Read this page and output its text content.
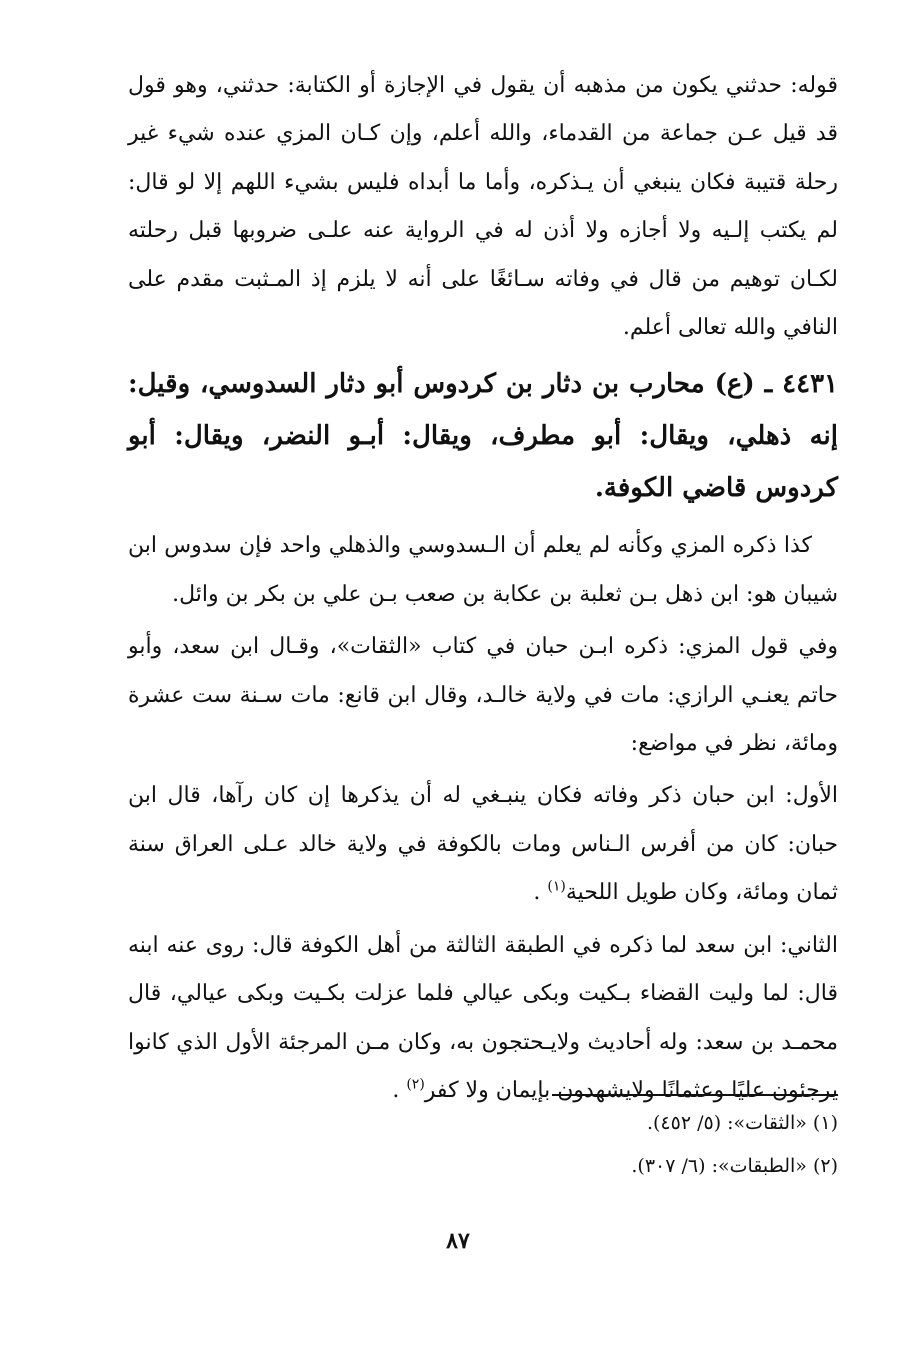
قوله: حدثني يكون من مذهبه أن يقول في الإجازة أو الكتابة: حدثني، وهو قول قد قيل عـن جماعة من القدماء، والله أعلم، وإن كـان المزي عنده شيء غير رحلة قتيبة فكان ينبغي أن يـذكره، وأما ما أبداه فليس بشيء اللهم إلا لو قال: لم يكتب إلـيه ولا أجازه ولا أذن له في الرواية عنه علـى ضروبها قبل رحلته لكـان توهيم من قال في وفاته سـائغًا على أنه لا يلزم إذ المـثبت مقدم على النافي والله تعالى أعلم.

٤٤٣١ ـ (ع) محارب بن دثار بن كردوس أبو دثار السدوسي، وقيل: إنه ذهلي، ويقال: أبو مطرف، ويقال: أبـو النضر، ويقال: أبو كردوس قاضي الكوفة.

كذا ذكره المزي وكأنه لم يعلم أن الـسدوسي والذهلي واحد فإن سدوس ابن شيبان هو: ابن ذهل بـن ثعلبة بن عكابة بن صعب بـن علي بن بكر بن وائل.

وفي قول المزي: ذكره ابـن حبان في كتاب «الثقات»، وقـال ابن سعد، وأبو حاتم يعنـي الرازي: مات في ولاية خالـد، وقال ابن قانع: مات سـنة ست عشرة ومائة، نظر في مواضع:

الأول: ابن حبان ذكر وفاته فكان ينبـغي له أن يذكرها إن كان رآها، قال ابن حبان: كان من أفرس الـناس ومات بالكوفة في ولاية خالد عـلى العراق سنة ثمان ومائة، وكان طويل اللحية$^{(١)}$ .

الثاني: ابن سعد لما ذكره في الطبقة الثالثة من أهل الكوفة قال: روى عنه ابنه قال: لما وليت القضاء بـكيت وبكى عيالي فلما عزلت بكـيت وبكى عيالي، قال محمـد بن سعد: وله أحاديث ولايـحتجون به، وكان مـن المرجئة الأول الذي كانوا يرجئون عليًا وعثمانًا ولايشهدون بإيمان ولا كفر$^{(٢)}$ .

(١) «الثقات»: (٥/ ٤٥٢).

(٢) «الطبقات»: (٦/ ٣٠٧).

٨٧
